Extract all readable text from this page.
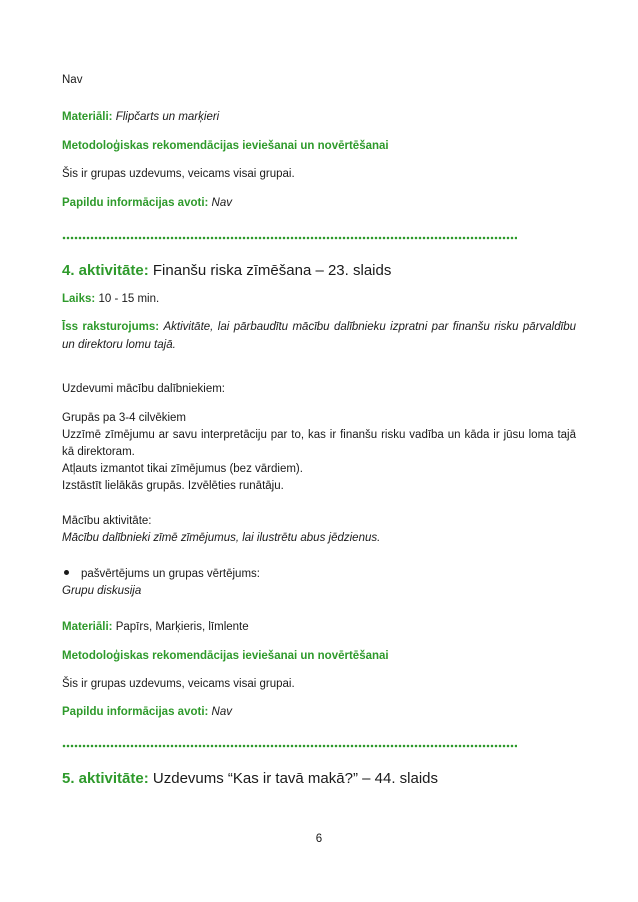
Nav
Materiāli: Flipčarts un marķieri
Metodoloģiskas rekomendācijas ieviešanai un novērtēšanai
Šis ir grupas uzdevums, veicams visai grupai.
Papildu informācijas avoti: Nav
4. aktivitāte: Finanšu riska zīmēšana – 23. slaids
Laiks: 10 - 15 min.
Īss raksturojums: Aktivitāte, lai pārbaudītu mācību dalībnieku izpratni par finanšu risku pārvaldību un direktoru lomu tajā.
Uzdevumi mācību dalībniekiem:
Grupās pa 3-4 cilvēkiem
Uzzīmē zīmējumu ar savu interpretāciju par to, kas ir finanšu risku vadība un kāda ir jūsu loma tajā kā direktoram.
Atļauts izmantot tikai zīmējumus (bez vārdiem).
Izstāstīt lielākās grupās. Izvēlēties runātāju.
Mācību aktivitāte:
Mācību dalībnieki zīmē zīmējumus, lai ilustrētu abus jēdzienus.
pašvērtējums un grupas vērtējums:
Grupu diskusija
Materiāli: Papīrs, Marķieris, līmlente
Metodoloģiskas rekomendācijas ieviešanai un novērtēšanai
Šis ir grupas uzdevums, veicams visai grupai.
Papildu informācijas avoti: Nav
5. aktivitāte: Uzdevums “Kas ir tavā makā?” – 44. slaids
6
